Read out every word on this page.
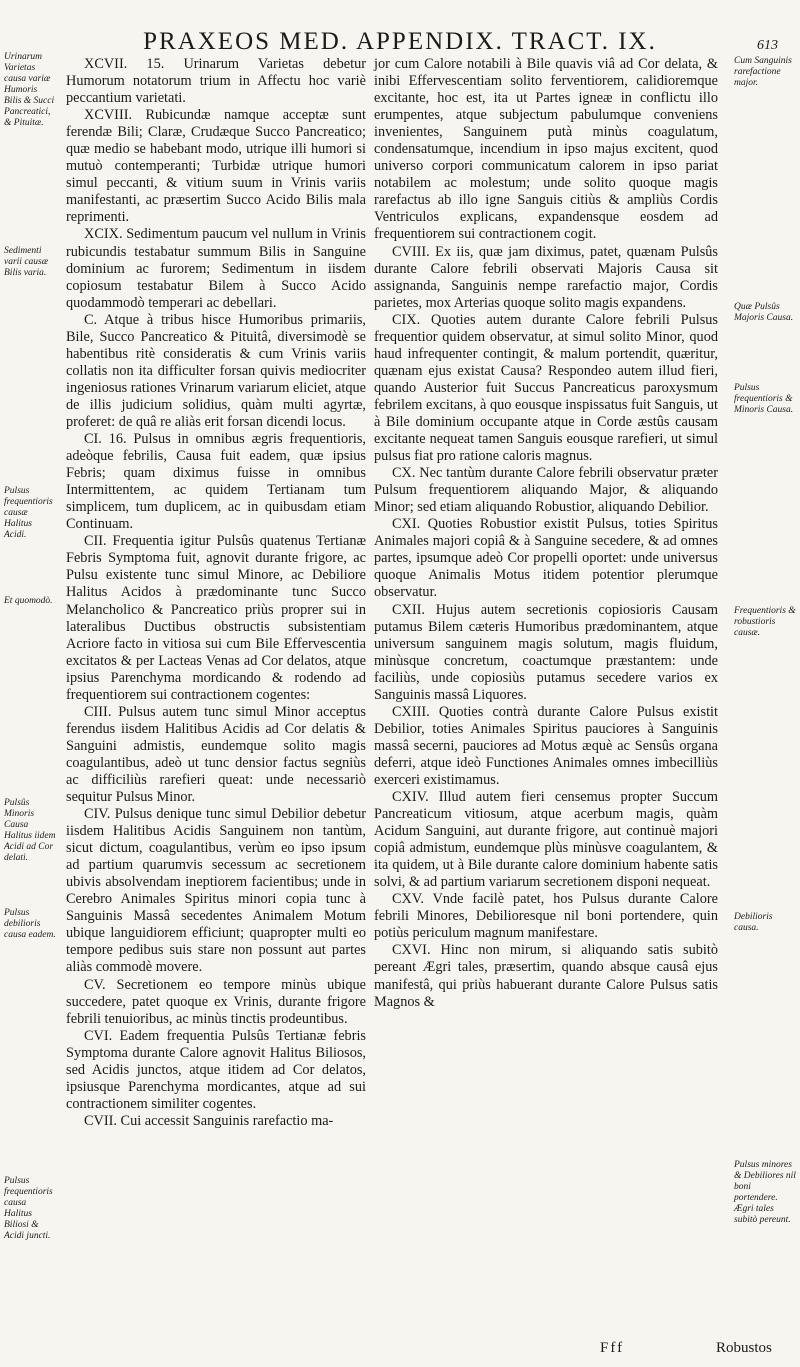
PRAXEOS MED. APPENDIX. TRACT. IX.	613

XCVII. 15. Urinarum Varietas debetur Humorum notatorum trium in Affectu hoc variè peccantium varietati.

XCVIII. Rubicundæ namque acceptæ sunt ferendæ Bili; Claræ, Crudæque Succo Pancreatico; quæ medio se habebant modo, utrique illi humori si mutuò contemperanti; Turbidæ utrique humori simul peccanti, & vitium suum in Vrinis variis manifestanti, ac præsertim Succo Acido Bilis mala reprimenti.

XCIX. Sedimentum paucum vel nullum in Vrinis rubicundis testabatur summum Bilis in Sanguine dominium ac furorem; Sedimentum in iisdem copiosum testabatur Bilem à Succo Acido quodammodò temperari ac debellari.

C. Atque à tribus hisce Humoribus primariis, Bile, Succo Pancreatico & Pituitâ, diversimodè se habentibus ritè consideratis & cum Vrinis variis collatis non ita difficulter forsan quivis mediocriter ingeniosus rationes Vrinarum variarum eliciet, atque de illis judicium solidius, quàm multi agyrtæ, proferet: de quâ re aliàs erit forsan dicendi locus.

CI. 16. Pulsus in omnibus ægris frequentioris, adeòque febrilis, Causa fuit eadem, quæ ipsius Febris; quam diximus fuisse in omnibus Intermittentem, ac quidem Tertianam tum simplicem, tum duplicem, ac in quibusdam etiam Continuam.

CII. Frequentia igitur Pulsûs quatenus Tertianæ Febris Symptoma fuit, agnovit durante frigore, ac Pulsu existente tunc simul Minore, ac Debiliore Halitus Acidos à prædominante tunc Succo Melancholico & Pancreatico priùs proprer sui in lateralibus Ductibus obstructis subsistentiam Acriore facto in vitiosa sui cum Bile Effervescentia excitatos & per Lacteas Venas ad Cor delatos, atque ipsius Parenchyma mordicando & rodendo ad frequentiorem sui contractionem cogentes:

CIII. Pulsus autem tunc simul Minor acceptus ferendus iisdem Halitibus Acidis ad Cor delatis & Sanguini admistis, eundemque solito magis coagulantibus, adeò ut tunc densior factus segniùs ac difficiliùs rarefieri queat: unde necessariò sequitur Pulsus Minor.

CIV. Pulsus denique tunc simul Debilior debetur iisdem Halitibus Acidis Sanguinem non tantùm, sicut dictum, coagulantibus, verùm eo ipso ipsum ad partium quarumvis secessum ac secretionem ubivis absolvendam ineptiorem facientibus; unde in Cerebro Animales Spiritus minori copia tunc à Sanguinis Massâ secedentes Animalem Motum ubique languidiorem efficiunt; quapropter multi eo tempore pedibus suis stare non possunt aut partes aliàs commodè movere.

CV. Secretionem eo tempore minùs ubique succedere, patet quoque ex Vrinis, durante frigore febrili tenuioribus, ac minùs tinctis prodeuntibus.

CVI. Eadem frequentia Pulsûs Tertianæ febris Symptoma durante Calore agnovit Halitus Biliosos, sed Acidis junctos, atque itidem ad Cor delatos, ipsiusque Parenchyma mordicantes, atque ad sui contractionem similiter cogentes.

CVII. Cui accessit Sanguinis rarefactio ma-

jor cum Calore notabili à Bile quavis viâ ad Cor delata, & inibi Effervescentiam solito ferventiorem, calidioremque excitante, hoc est, ita ut Partes igneæ in conflictu illo erumpentes, atque subjectum pabulumque conveniens invenientes, Sanguinem putà minùs coagulatum, condensatumque, incendium in ipso majus excitent, quod universo corpori communicatum calorem in ipso pariat notabilem ac molestum; unde solito quoque magis rarefactus ab illo igne Sanguis citiùs & ampliùs Cordis Ventriculos explicans, expandensque eosdem ad frequentiorem sui contractionem cogit.

CVIII. Ex iis, quæ jam diximus, patet, quænam Pulsûs durante Calore febrili observati Majoris Causa sit assignanda, Sanguinis nempe rarefactio major, Cordis parietes, mox Arterias quoque solito magis expandens.

CIX. Quoties autem durante Calore febrili Pulsus frequentior quidem observatur, at simul solito Minor, quod haud infrequenter contingit, & malum portendit, quæritur, quænam ejus existat Causa? Respondeo autem illud fieri, quando Austerior fuit Succus Pancreaticus paroxysmum febrilem excitans, à quo eousque inspissatus fuit Sanguis, ut à Bile dominium occupante atque in Corde æstûs causam excitante nequeat tamen Sanguis eousque rarefieri, ut simul pulsus fiat pro ratione caloris magnus.

CX. Nec tantùm durante Calore febrili observatur præter Pulsum frequentiorem aliquando Major, & aliquando Minor; sed etiam aliquando Robustior, aliquando Debilior.

CXI. Quoties Robustior existit Pulsus, toties Spiritus Animales majori copiâ & à Sanguine secedere, & ad omnes partes, ipsumque adeò Cor propelli oportet: unde universus quoque Animalis Motus itidem potentior plerumque observatur.

CXII. Hujus autem secretionis copiosioris Causam putamus Bilem cæteris Humoribus prædominantem, atque universum sanguinem magis solutum, magis fluidum, minùsque concretum, coactumque præstantem: unde faciliùs, unde copiosiùs putamus secedere varios ex Sanguinis massâ Liquores.

CXIII. Quoties contrà durante Calore Pulsus existit Debilior, toties Animales Spiritus pauciores à Sanguinis massâ secerni, pauciores ad Motus æquè ac Sensûs organa deferri, atque ideò Functiones Animales omnes imbecilliùs exerceri existimamus.

CXIV. Illud autem fieri censemus propter Succum Pancreaticum vitiosum, atque acerbum magis, quàm Acidum Sanguini, aut durante frigore, aut continuè majori copiâ admistum, eundemque plùs minùsve coagulantem, & ita quidem, ut à Bile durante calore dominium habente satis solvi, & ad partium variarum secretionem disponi nequeat.

CXV. Vnde facilè patet, hos Pulsus durante Calore febrili Minores, Debilioresque nil boni portendere, quin potiùs periculum magnum manifestare.

CXVI. Hinc non mirum, si aliquando satis subitò pereant Ægri tales, præsertim, quando absque causâ ejus manifestâ, qui priùs habuerant durante Calore Pulsus satis Magnos &

Urinarum Varietas causa variæ Humoris Bilis & Succi Pancreatici, & Pituitæ.
Sedimenti varii causæ Bilis varia.
Pulsus frequentioris causæ Halitus Acidi.
Et quomodò.
Pulsûs Minoris Causa Halitus iidem Acidi ad Cor delati.
Pulsus debilioris causa eadem.
Pulsus frequentioris causa Halitus Biliosi & Acidi juncti.
Cum Sanguinis rarefactione major.
Quæ Pulsûs Majoris Causa.
Pulsus frequentioris & Minoris Causa.
Frequentioris & robustioris causæ.
Debilioris causa.
Pulsus minores & Debiliores nil boni portendere. Ægri tales subitò pereunt.
Fff	Robustos
